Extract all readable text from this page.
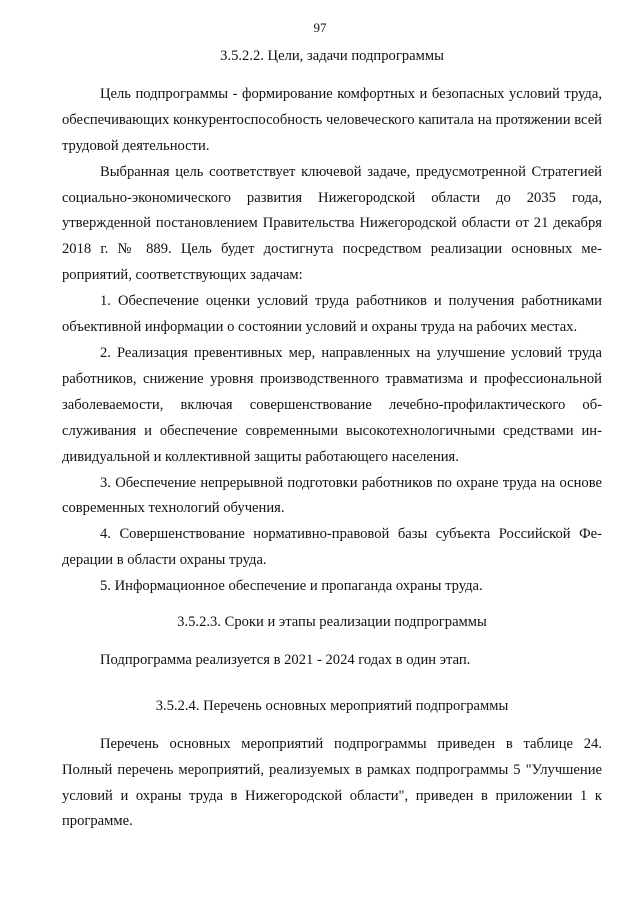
97
3.5.2.2. Цели, задачи подпрограммы

Цель подпрограммы - формирование комфортных и безопасных условий труда, обеспечивающих конкурентоспособность человеческого капитала на протяжении всей трудовой деятельности.

Выбранная цель соответствует ключевой задаче, предусмотренной Стратегией социально-экономического развития Нижегородской области до 2035 года, утвержденной постановлением Правительства Нижегородской области от 21 декабря 2018 г. № 889. Цель будет достигнута посредством реализации основных мероприятий, соответствующих задачам:

1. Обеспечение оценки условий труда работников и получения работниками объективной информации о состоянии условий и охраны труда на рабочих местах.

2. Реализация превентивных мер, направленных на улучшение условий труда работников, снижение уровня производственного травматизма и профессиональной заболеваемости, включая совершенствование лечебно-профилактического обслуживания и обеспечение современными высокотехнологичными средствами индивидуальной и коллективной защиты работающего населения.

3. Обеспечение непрерывной подготовки работников по охране труда на основе современных технологий обучения.

4. Совершенствование нормативно-правовой базы субъекта Российской Федерации в области охраны труда.

5. Информационное обеспечение и пропаганда охраны труда.

3.5.2.3. Сроки и этапы реализации подпрограммы

Подпрограмма реализуется в 2021 - 2024 годах в один этап.

3.5.2.4. Перечень основных мероприятий подпрограммы

Перечень основных мероприятий подпрограммы приведен в таблице 24. Полный перечень мероприятий, реализуемых в рамках подпрограммы 5 "Улучшение условий и охраны труда в Нижегородской области", приведен в приложении 1 к программе.
